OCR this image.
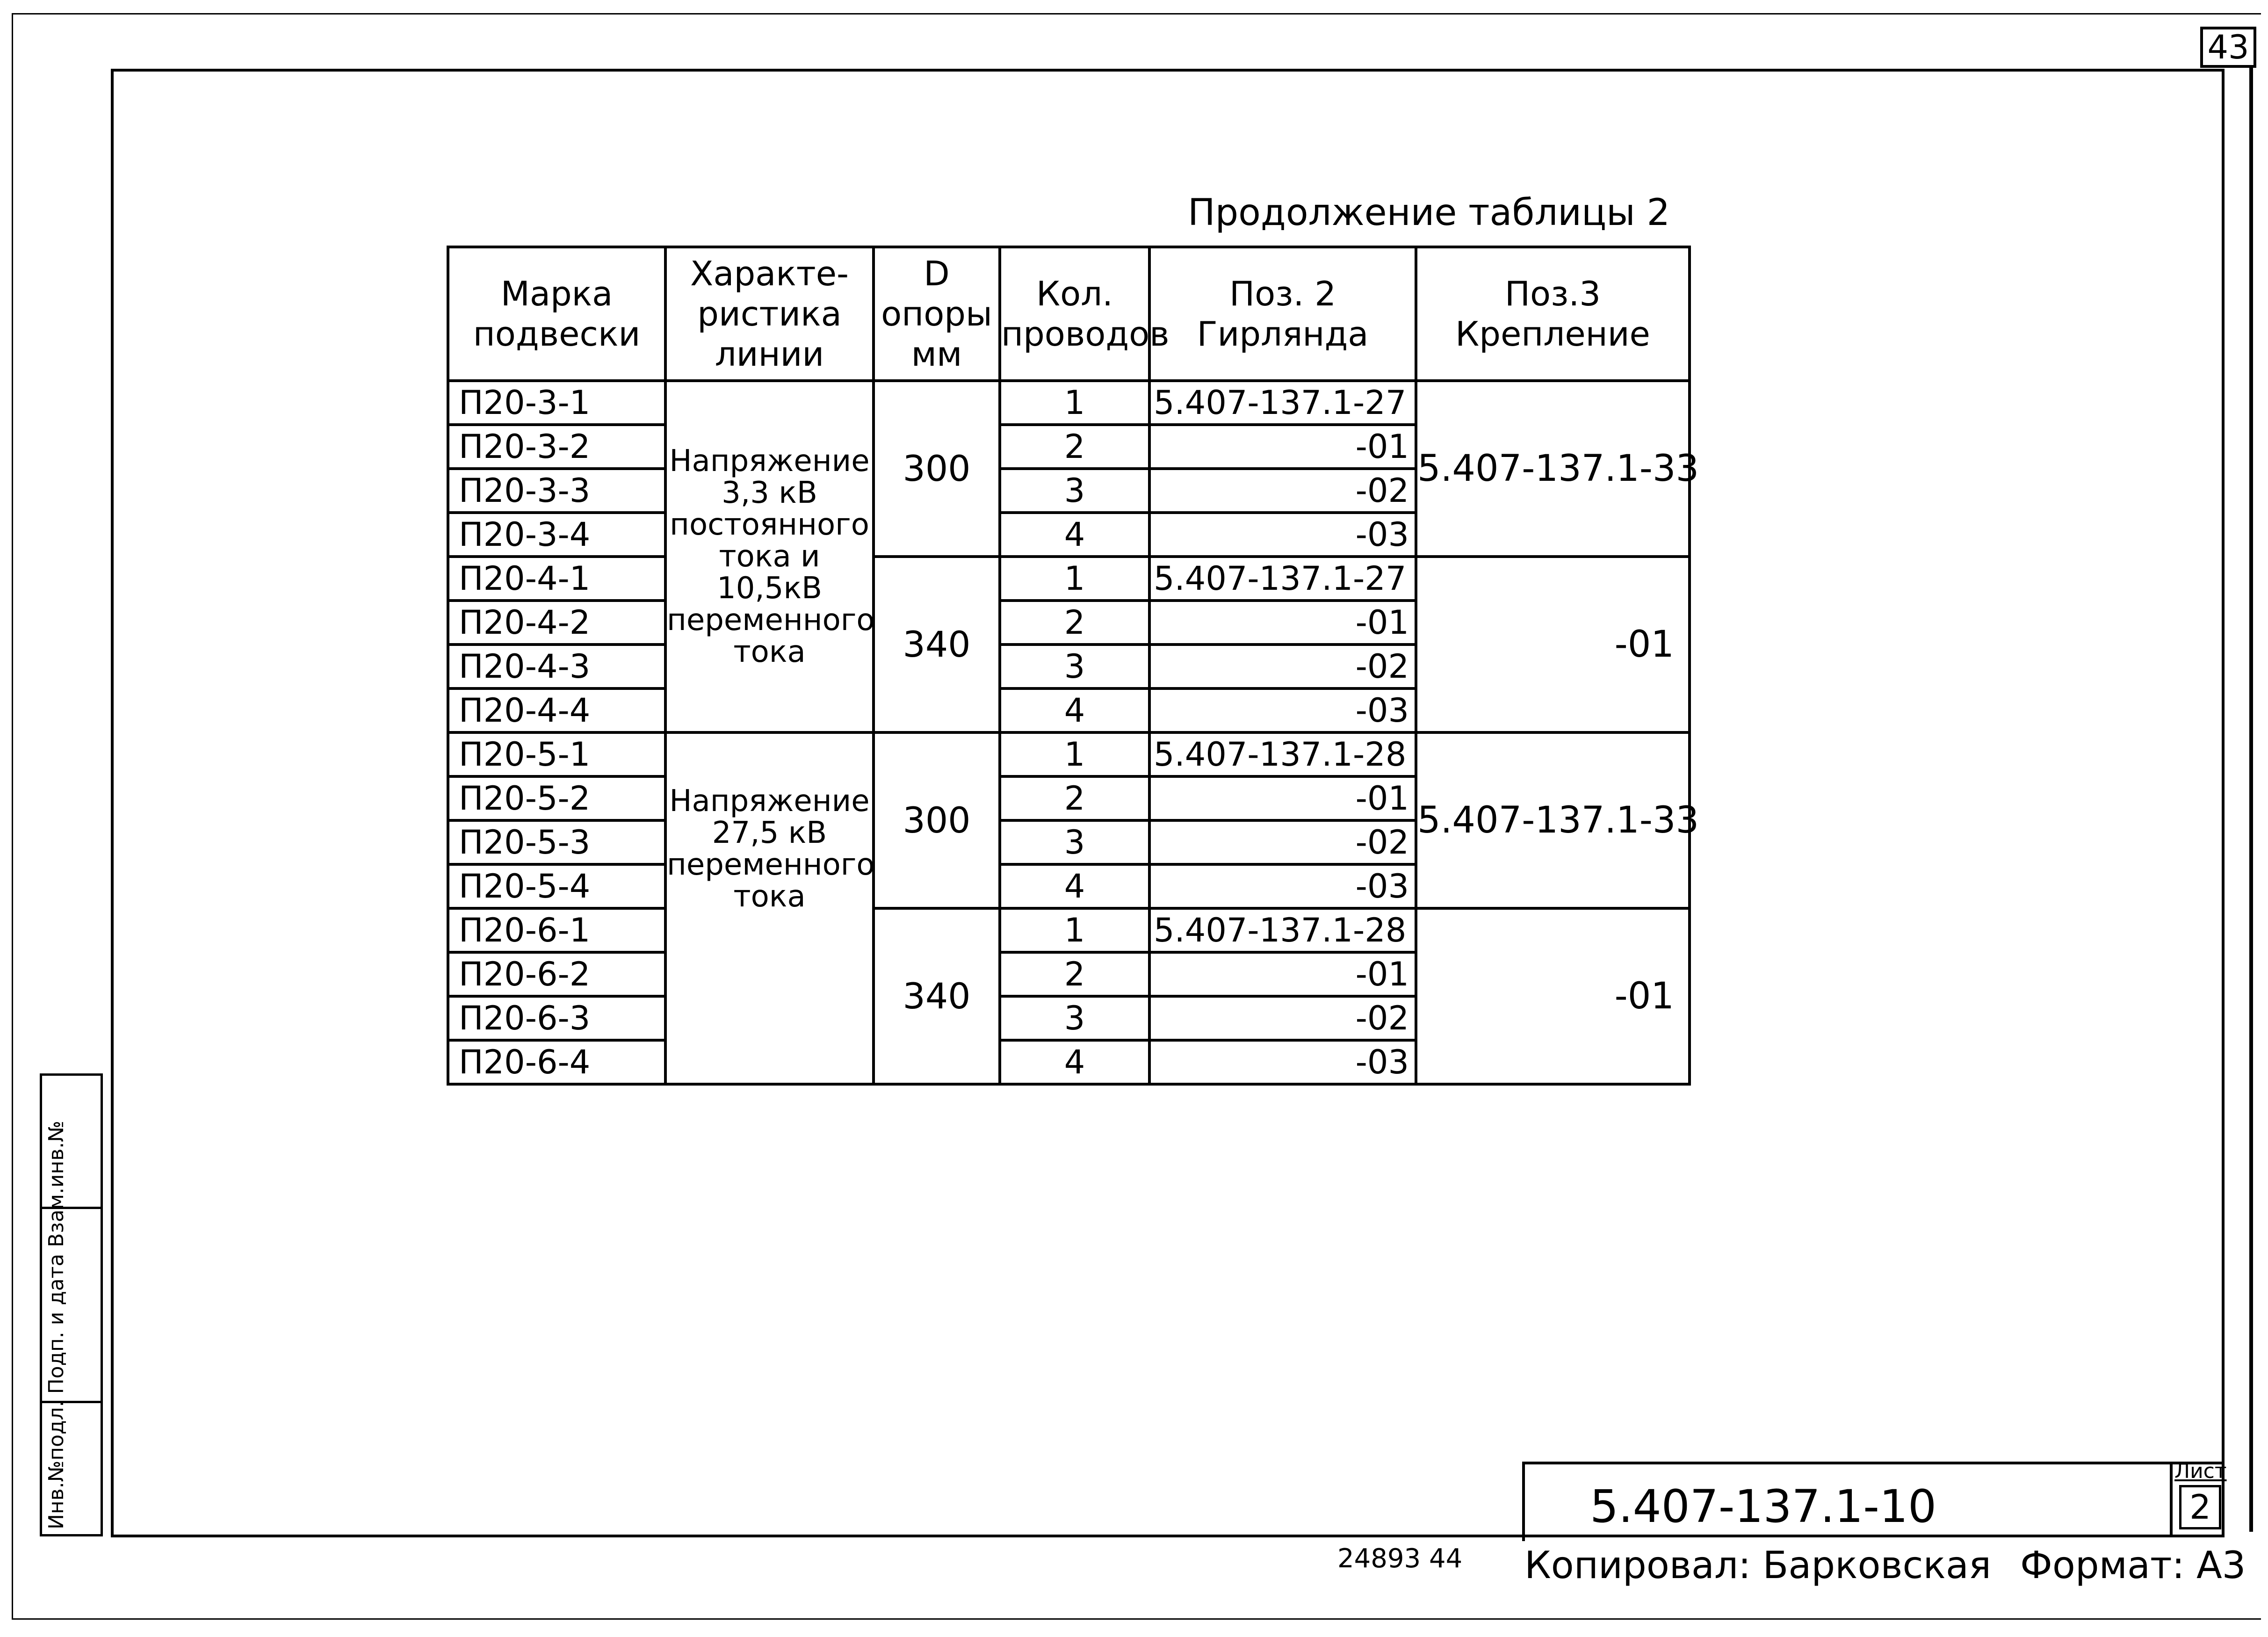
43
Инв.№подл. Подп. и дата Взам.инв.№
Продолжение таблицы 2
Марка подвески	Характе-ристика линии	D опоры мм	Кол. проводов	Поз. 2 Гирлянда	Поз.3 Крепление
П20-3-1	Напряжение 3,3 кВ постоянного тока и 10,5кВ переменного тока	300	1	5.407-137.1-27	5.407-137.1-33
П20-3-2			2	-01	
П20-3-3			3	-02	
П20-3-4			4	-03	
П20-4-1		340	1	5.407-137.1-27	-01
П20-4-2			2	-01	
П20-4-3			3	-02	
П20-4-4			4	-03	
П20-5-1	Напряжение 27,5 кВ переменного тока	300	1	5.407-137.1-28	5.407-137.1-33
П20-5-2			2	-01	
П20-5-3			3	-02	
П20-5-4			4	-03	
П20-6-1		340	1	5.407-137.1-28	-01
П20-6-2			2	-01	
П20-6-3			3	-02	
П20-6-4			4	-03	
5.407-137.1-10
Лист
2
24893 44 Копировал: Барковская Формат: А3
